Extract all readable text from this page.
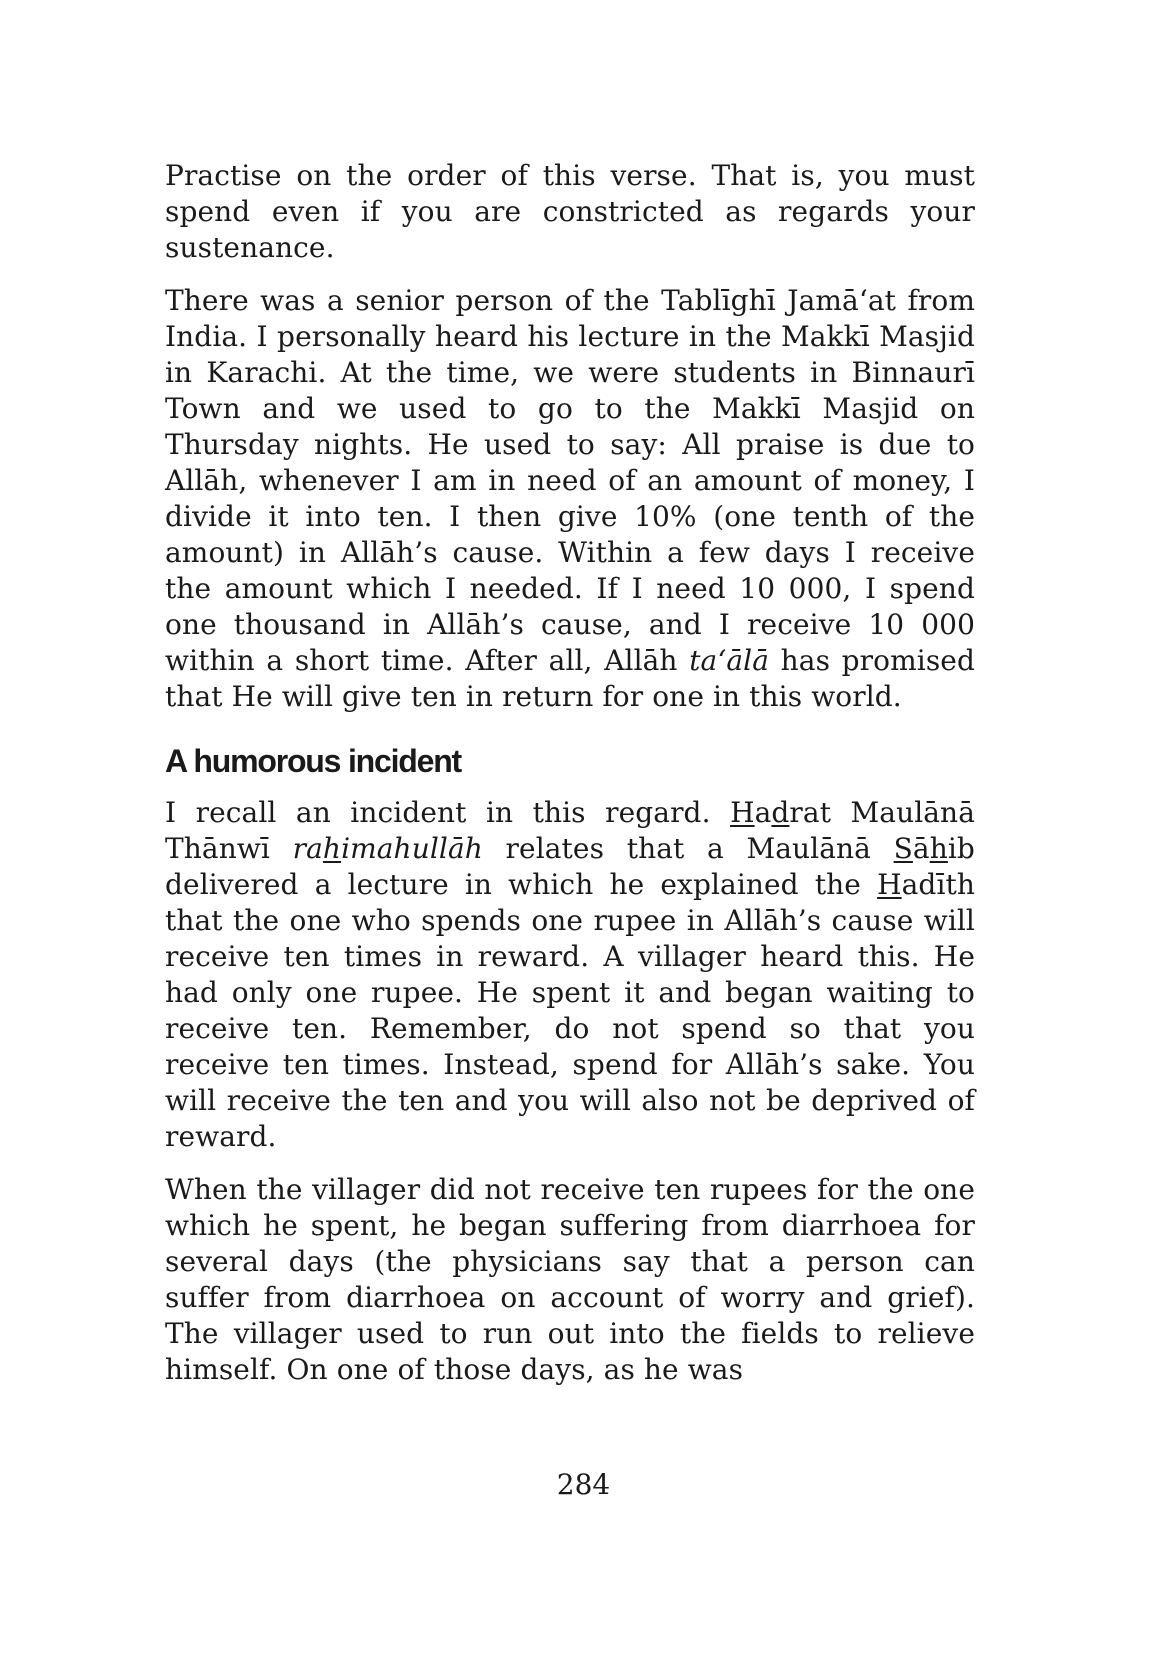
Practise on the order of this verse. That is, you must spend even if you are constricted as regards your sustenance.

There was a senior person of the Tablīghī Jamā‘at from India. I personally heard his lecture in the Makkī Masjid in Karachi. At the time, we were students in Binnaurī Town and we used to go to the Makkī Masjid on Thursday nights. He used to say: All praise is due to Allāh, whenever I am in need of an amount of money, I divide it into ten. I then give 10% (one tenth of the amount) in Allāh’s cause. Within a few days I receive the amount which I needed. If I need 10 000, I spend one thousand in Allāh’s cause, and I receive 10 000 within a short time. After all, Allāh ta‘ālā has promised that He will give ten in return for one in this world.

A humorous incident

I recall an incident in this regard. Hadrat Maulānā Thānwī rahimahullāh relates that a Maulānā Sāhib delivered a lecture in which he explained the Hadīth that the one who spends one rupee in Allāh’s cause will receive ten times in reward. A villager heard this. He had only one rupee. He spent it and began waiting to receive ten. Remember, do not spend so that you receive ten times. Instead, spend for Allāh’s sake. You will receive the ten and you will also not be deprived of reward.

When the villager did not receive ten rupees for the one which he spent, he began suffering from diarrhoea for several days (the physicians say that a person can suffer from diarrhoea on account of worry and grief). The villager used to run out into the fields to relieve himself. On one of those days, as he was

284
